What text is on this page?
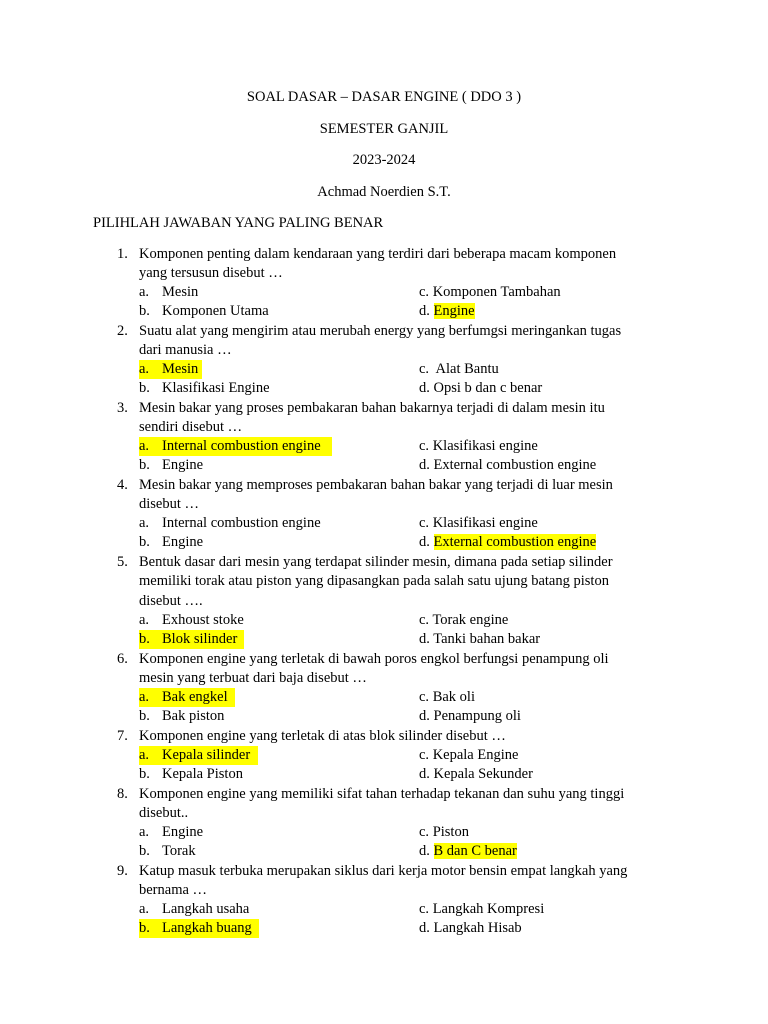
SOAL DASAR – DASAR ENGINE ( DDO 3 )
SEMESTER GANJIL
2023-2024
Achmad Noerdien S.T.
PILIHLAH JAWABAN YANG PALING BENAR
1. Komponen penting dalam kendaraan yang terdiri dari beberapa macam komponen
yang tersusun disebut …
a. Mesin	c. Komponen Tambahan
b. Komponen Utama	d. Engine
2. Suatu alat yang mengirim atau merubah energy yang berfumgsi meringankan tugas
dari manusia …
a. Mesin	c. Alat Bantu
b. Klasifikasi Engine	d. Opsi b dan c benar
3. Mesin bakar yang proses pembakaran bahan bakarnya terjadi di dalam mesin itu
sendiri disebut …
a. Internal combustion engine	c. Klasifikasi engine
b. Engine	d. External combustion engine
4. Mesin bakar yang memproses pembakaran bahan bakar yang terjadi di luar mesin
disebut …
a. Internal combustion engine	c. Klasifikasi engine
b. Engine	d. External combustion engine
5. Bentuk dasar dari mesin yang terdapat silinder mesin, dimana pada setiap silinder
memiliki torak atau piston yang dipasangkan pada salah satu ujung batang piston
disebut ….
a. Exhoust stoke	c. Torak engine
b. Blok silinder	d. Tanki bahan bakar
6. Komponen engine yang terletak di bawah poros engkol berfungsi penampung oli
mesin yang terbuat dari baja disebut …
a. Bak engkel	c. Bak oli
b. Bak piston	d. Penampung oli
7. Komponen engine yang terletak di atas blok silinder disebut …
a. Kepala silinder	c. Kepala Engine
b. Kepala Piston	d. Kepala Sekunder
8. Komponen engine yang memiliki sifat tahan terhadap tekanan dan suhu yang tinggi
disebut..
a. Engine	c. Piston
b. Torak	d. B dan C benar
9. Katup masuk terbuka merupakan siklus dari kerja motor bensin empat langkah yang
bernama …
a. Langkah usaha	c. Langkah Kompresi
b. Langkah buang	d. Langkah Hisab
